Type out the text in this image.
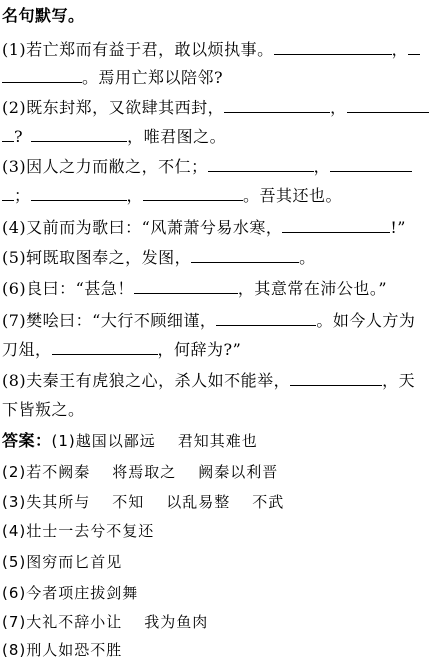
名句默写。
(1)若亡郑而有益于君，敢以烦执事。	，
。焉用亡郑以陪邻?
(2)既东封郑，又欲肆其西封，	，
?	，唯君图之。
(3)因人之力而敝之，不仁；	，
；	，	。吾其还也。
(4)又前而为歌曰：“风萧萧兮易水寒，	!”
(5)轲既取图奉之，发图，	。
(6)良曰：“甚急！	，其意常在沛公也。”
(7)樊哙曰：“大行不顾细谨，	。如今人方为
刀俎，	，何辞为?”
(8)夫秦王有虎狼之心，杀人如不能举，	，天
下皆叛之。
答案：(1)越国以鄙远 君知其难也
(2)若不阙秦 将焉取之 阙秦以利晋
(3)失其所与 不知 以乱易整 不武
(4)壮士一去兮不复还
(5)图穷而匕首见
(6)今者项庄拔剑舞
(7)大礼不辞小让 我为鱼肉
(8)刑人如恐不胜
